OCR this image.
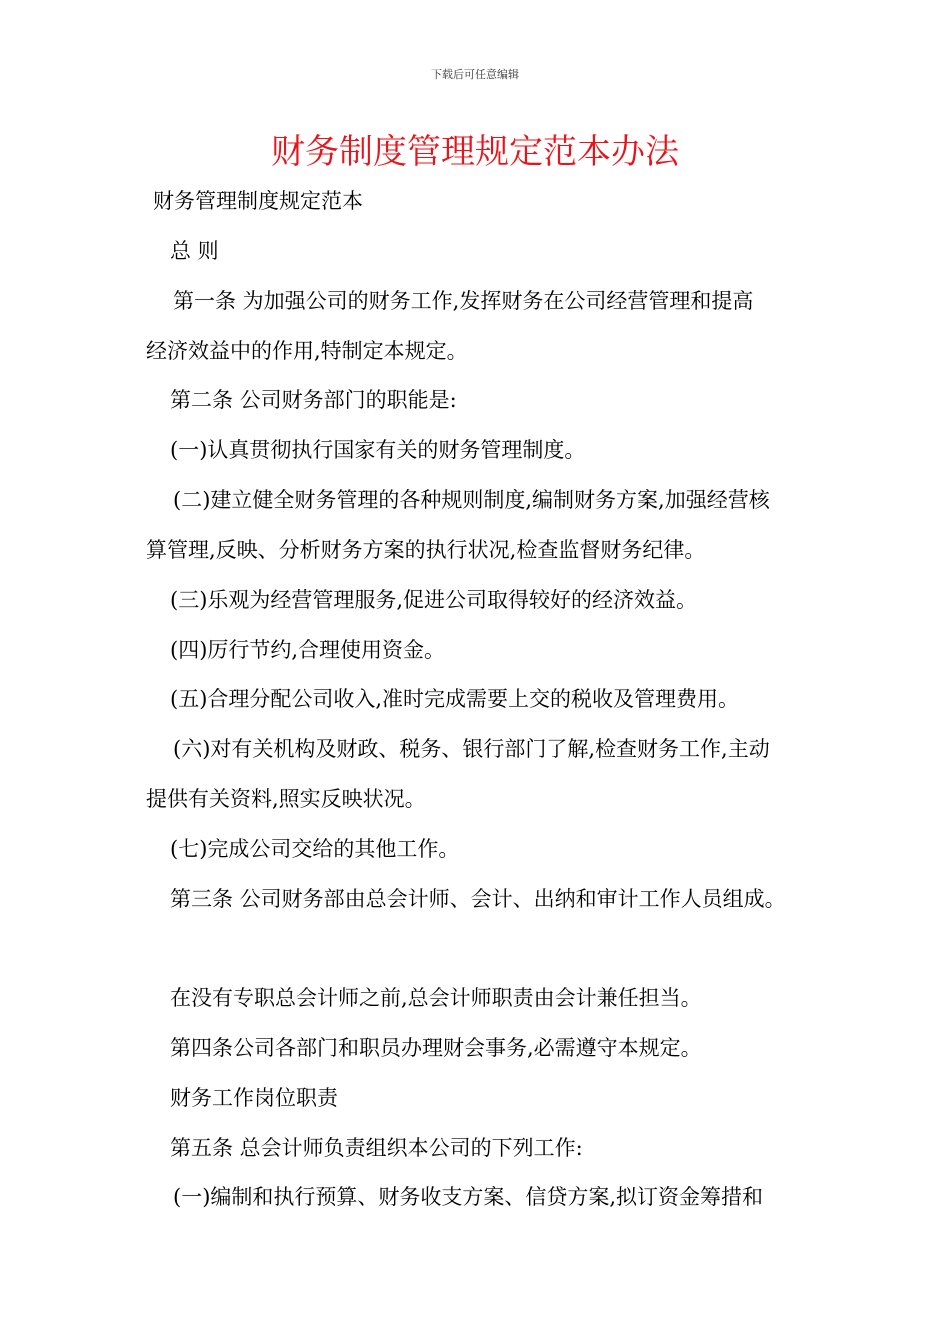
下载后可任意编辑
财务制度管理规定范本办法
财务管理制度规定范本
总 则
第一条 为加强公司的财务工作,发挥财务在公司经营管理和提高
经济效益中的作用,特制定本规定。
第二条 公司财务部门的职能是:
(一)认真贯彻执行国家有关的财务管理制度。
(二)建立健全财务管理的各种规则制度,编制财务方案,加强经营核
算管理,反映、分析财务方案的执行状况,检查监督财务纪律。
(三)乐观为经营管理服务,促进公司取得较好的经济效益。
(四)厉行节约,合理使用资金。
(五)合理分配公司收入,准时完成需要上交的税收及管理费用。
(六)对有关机构及财政、税务、银行部门了解,检查财务工作,主动
提供有关资料,照实反映状况。
(七)完成公司交给的其他工作。
第三条 公司财务部由总会计师、会计、出纳和审计工作人员组成。
在没有专职总会计师之前,总会计师职责由会计兼任担当。
第四条公司各部门和职员办理财会事务,必需遵守本规定。
财务工作岗位职责
第五条 总会计师负责组织本公司的下列工作:
(一)编制和执行预算、财务收支方案、信贷方案,拟订资金筹措和
